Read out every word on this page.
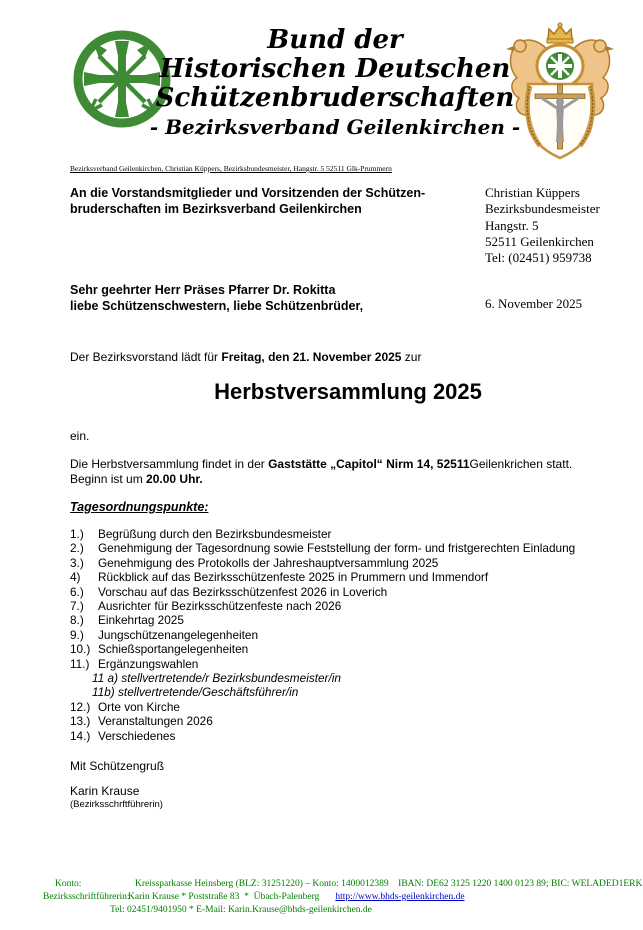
Bund der
Historischen Deutschen
Schützenbruderschaften
- Bezirksverband Geilenkirchen -
Bezirksverband Geilenkirchen, Christian Küppers, Bezirksbundesmeister, Hangstr. 5 52511 Glk-Prummern
An die Vorstandsmitglieder und Vorsitzenden der Schützen-
bruderschaften im Bezirksverband Geilenkirchen
Christian Küppers
Bezirksbundesmeister
Hangstr. 5
52511 Geilenkirchen
Tel: (02451) 959738
Sehr geehrter Herr Präses Pfarrer Dr. Rokitta
liebe Schützenschwestern, liebe Schützenbrüder,	6. November 2025
Der Bezirksvorstand lädt für Freitag, den 21. November 2025 zur
Herbstversammlung 2025
ein.
Die Herbstversammlung findet in der Gaststätte „Capitol“ Nirm 14, 52511Geilenkrichen statt.
Beginn ist um 20.00 Uhr.
Tagesordnungspunkte:
1.)	Begrüßung durch den Bezirksbundesmeister
2.)	Genehmigung der Tagesordnung sowie Feststellung der form- und fristgerechten Einladung
3.)	Genehmigung des Protokolls der Jahreshauptversammlung 2025
4)	Rückblick auf das Bezirksschützenfeste 2025 in Prummern und Immendorf
6.)	Vorschau auf das Bezirksschützenfest 2026 in Loverich
7.)	Ausrichter für Bezirksschützenfeste nach 2026
8.)	Einkehrtag 2025
9.)	Jungschützenangelegenheiten
10.) Schießsportangelegenheiten
11.) Ergänzungswahlen
11 a) stellvertretende/r Bezirksbundesmeister/in
11b) stellvertretende/Geschäftsführer/in
12.) Orte von Kirche
13.) Veranstaltungen 2026
14.) Verschiedenes
Mit Schützengruß
Karin Krause
(Bezirksschrftführerin)
Konto:	Kreissparkasse Heinsberg (BLZ: 31251220) – Konto: 1400012389    IBAN: DE62 3125 1220 1400 0123 89; BIC: WELADED1ERK
Bezirksschriftführerin:Karin Krause * Poststraße 83  *  Übach-Palenberg http://www.bhds-geilenkirchen.de
Tel: 02451/9401950 * E-Mail: Karin.Krause@bhds-geilenkirchen.de
